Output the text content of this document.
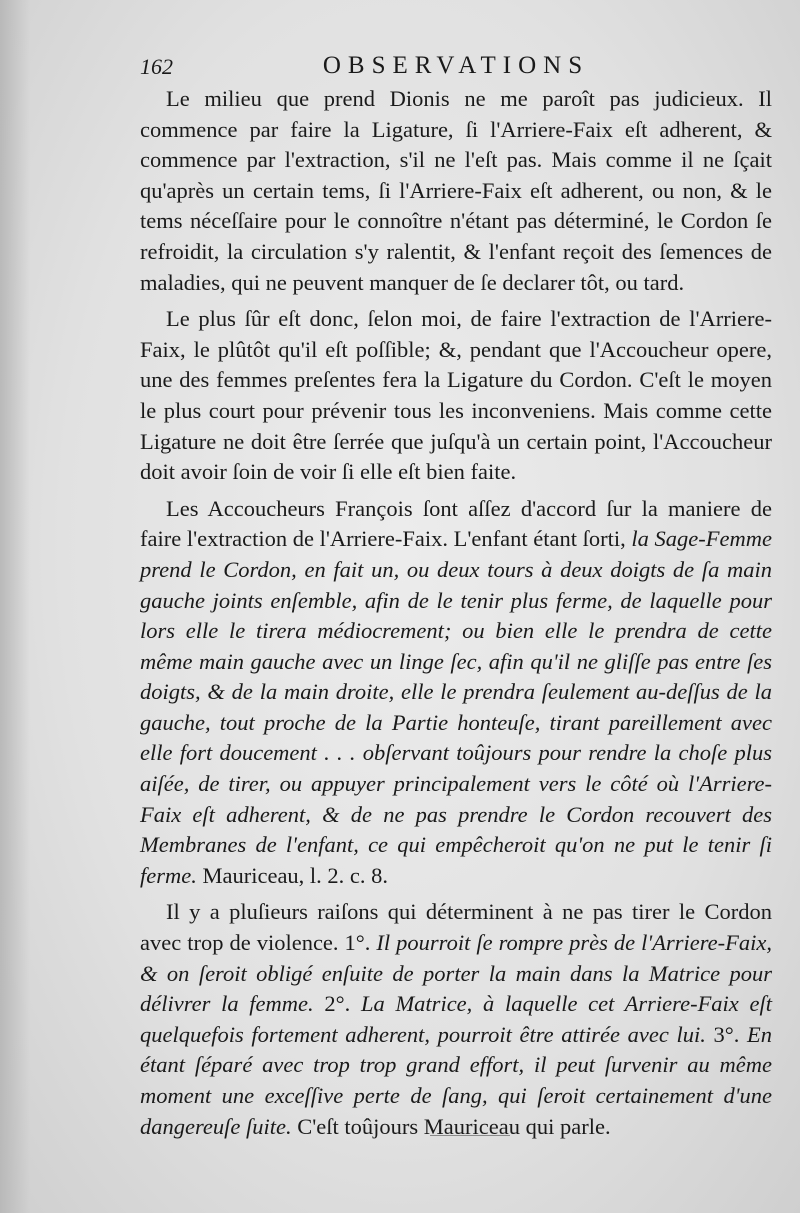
162	OBSERVATIONS

Le milieu que prend Dionis ne me paroît pas judicieux. Il commence par faire la Ligature, ſi l'Arriere-Faix eſt adherent, & commence par l'extraction, s'il ne l'eſt pas. Mais comme il ne ſçait qu'après un certain tems, ſi l'Arriere-Faix eſt adherent, ou non, & le tems néceſſaire pour le connoître n'étant pas déterminé, le Cordon ſe refroidit, la circulation s'y ralentit, & l'enfant reçoit des ſemences de maladies, qui ne peuvent manquer de ſe declarer tôt, ou tard.

Le plus ſûr eſt donc, ſelon moi, de faire l'extraction de l'Arriere-Faix, le plûtôt qu'il eſt poſſible; &, pendant que l'Accoucheur opere, une des femmes preſentes fera la Ligature du Cordon. C'eſt le moyen le plus court pour prévenir tous les inconveniens. Mais comme cette Ligature ne doit être ſerrée que juſqu'à un certain point, l'Accoucheur doit avoir ſoin de voir ſi elle eſt bien faite.

Les Accoucheurs François ſont aſſez d'accord ſur la maniere de faire l'extraction de l'Arriere-Faix. L'enfant étant ſorti, la Sage-Femme prend le Cordon, en fait un, ou deux tours à deux doigts de ſa main gauche joints enſemble, afin de le tenir plus ferme, de laquelle pour lors elle le tirera médiocrement; ou bien elle le prendra de cette même main gauche avec un linge ſec, afin qu'il ne gliſſe pas entre ſes doigts, & de la main droite, elle le prendra ſeulement au-deſſus de la gauche, tout proche de la Partie honteuſe, tirant pareillement avec elle fort doucement . . . obſervant toûjours pour rendre la choſe plus aiſée, de tirer, ou appuyer principalement vers le côté où l'Arriere-Faix eſt adherent, & de ne pas prendre le Cordon recouvert des Membranes de l'enfant, ce qui empêcheroit qu'on ne put le tenir ſi ferme. Mauriceau, l. 2. c. 8.

Il y a pluſieurs raiſons qui déterminent à ne pas tirer le Cordon avec trop de violence. 1°. Il pourroit ſe rompre près de l'Arriere-Faix, & on ſeroit obligé enſuite de porter la main dans la Matrice pour délivrer la femme. 2°. La Matrice, à laquelle cet Arriere-Faix eſt quelquefois fortement adherent, pourroit être attirée avec lui. 3°. En étant ſéparé avec trop trop grand effort, il peut ſurvenir au même moment une exceſſive perte de ſang, qui ſeroit certainement d'une dangereuſe ſuite. C'eſt toûjours Mauriceau qui parle.
